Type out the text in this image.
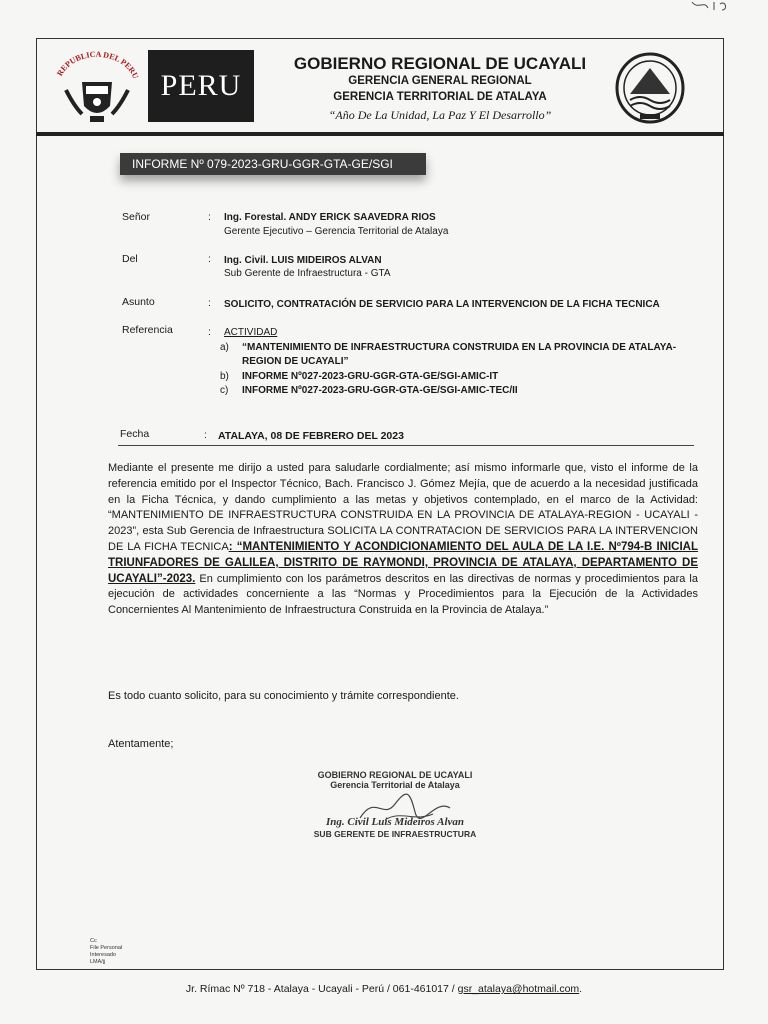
REPUBLICA DEL PERU PERU
GOBIERNO REGIONAL DE UCAYALI
GERENCIA GENERAL REGIONAL
GERENCIA TERRITORIAL DE ATALAYA
“Año De La Unidad, La Paz Y El Desarrollo”
INFORME Nº 079-2023-GRU-GGR-GTA-GE/SGI
Señor	: Ing. Forestal. ANDY ERICK SAAVEDRA RIOS
Gerente Ejecutivo – Gerencia Territorial de Atalaya
Del	: Ing. Civil. LUIS MIDEIROS ALVAN
Sub Gerente de Infraestructura - GTA
Asunto	: SOLICITO, CONTRATACIÓN DE SERVICIO PARA LA INTERVENCION DE LA FICHA TECNICA
Referencia	: ACTIVIDAD
a) “MANTENIMIENTO DE INFRAESTRUCTURA CONSTRUIDA EN LA PROVINCIA DE ATALAYA-
REGION DE UCAYALI”
b) INFORME Nº027-2023-GRU-GGR-GTA-GE/SGI-AMIC-IT
c) INFORME Nº027-2023-GRU-GGR-GTA-GE/SGI-AMIC-TEC/II
Fecha	: ATALAYA, 08 DE FEBRERO DEL 2023
Mediante el presente me dirijo a usted para saludarle cordialmente; así mismo informarle que, visto el informe de la referencia emitido por el Inspector Técnico, Bach. Francisco J. Gómez Mejía, que de acuerdo a la necesidad justificada en la Ficha Técnica, y dando cumplimiento a las metas y objetivos contemplado, en el marco de la Actividad: “MANTENIMIENTO DE INFRAESTRUCTURA CONSTRUIDA EN LA PROVINCIA DE ATALAYA-REGION - UCAYALI - 2023”, esta Sub Gerencia de Infraestructura SOLICITA LA CONTRATACION DE SERVICIOS PARA LA INTERVENCION DE LA FICHA TECNICA: “MANTENIMIENTO Y ACONDICIONAMIENTO DEL AULA DE LA I.E. Nº794-B INICIAL TRIUNFADORES DE GALILEA, DISTRITO DE RAYMONDI, PROVINCIA DE ATALAYA, DEPARTAMENTO DE UCAYALI”-2023. En cumplimiento con los parámetros descritos en las directivas de normas y procedimientos para la ejecución de actividades concerniente a las “Normas y Procedimientos para la Ejecución de la Actividades Concernientes Al Mantenimiento de Infraestructura Construida en la Provincia de Atalaya.”
Es todo cuanto solicito, para su conocimiento y trámite correspondiente.
Atentamente;
GOBIERNO REGIONAL DE UCAYALI
Gerencia Territorial de Atalaya
Ing. Civil Luis Mideiros Alvan
SUB GERENTE DE INFRAESTRUCTURA
Cc
File Personal
Interesado
LMA/jj
Jr. Rímac Nº 718 - Atalaya - Ucayali - Perú / 061-461017 / gsr_atalaya@hotmail.com.
